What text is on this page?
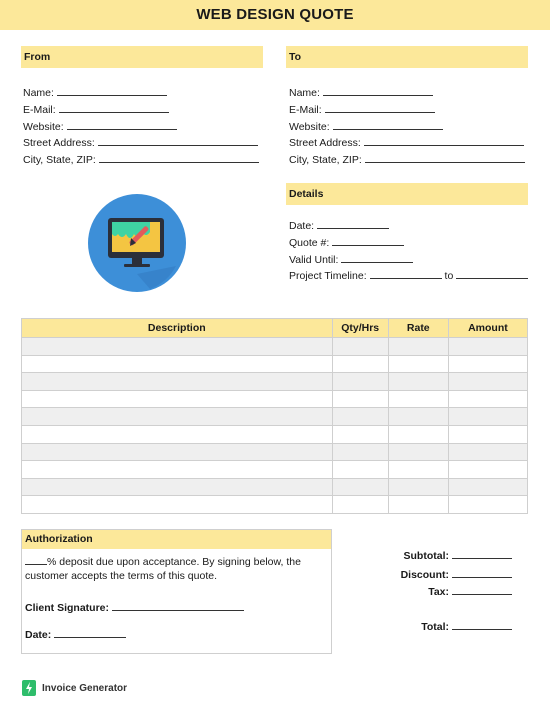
WEB DESIGN QUOTE
From
Name:
E-Mail:
Website:
Street Address:
City, State, ZIP:
To
Name:
E-Mail:
Website:
Street Address:
City, State, ZIP:
Details
Date:
Quote #:
Valid Until:
Project Timeline:	to
Description	Qty/Hrs	Rate	Amount

Authorization
% deposit due upon acceptance. By signing below, the customer accepts the terms of this quote.
Client Signature:
Date:
Subtotal:
Discount:
Tax:
Total:
Invoice Generator
